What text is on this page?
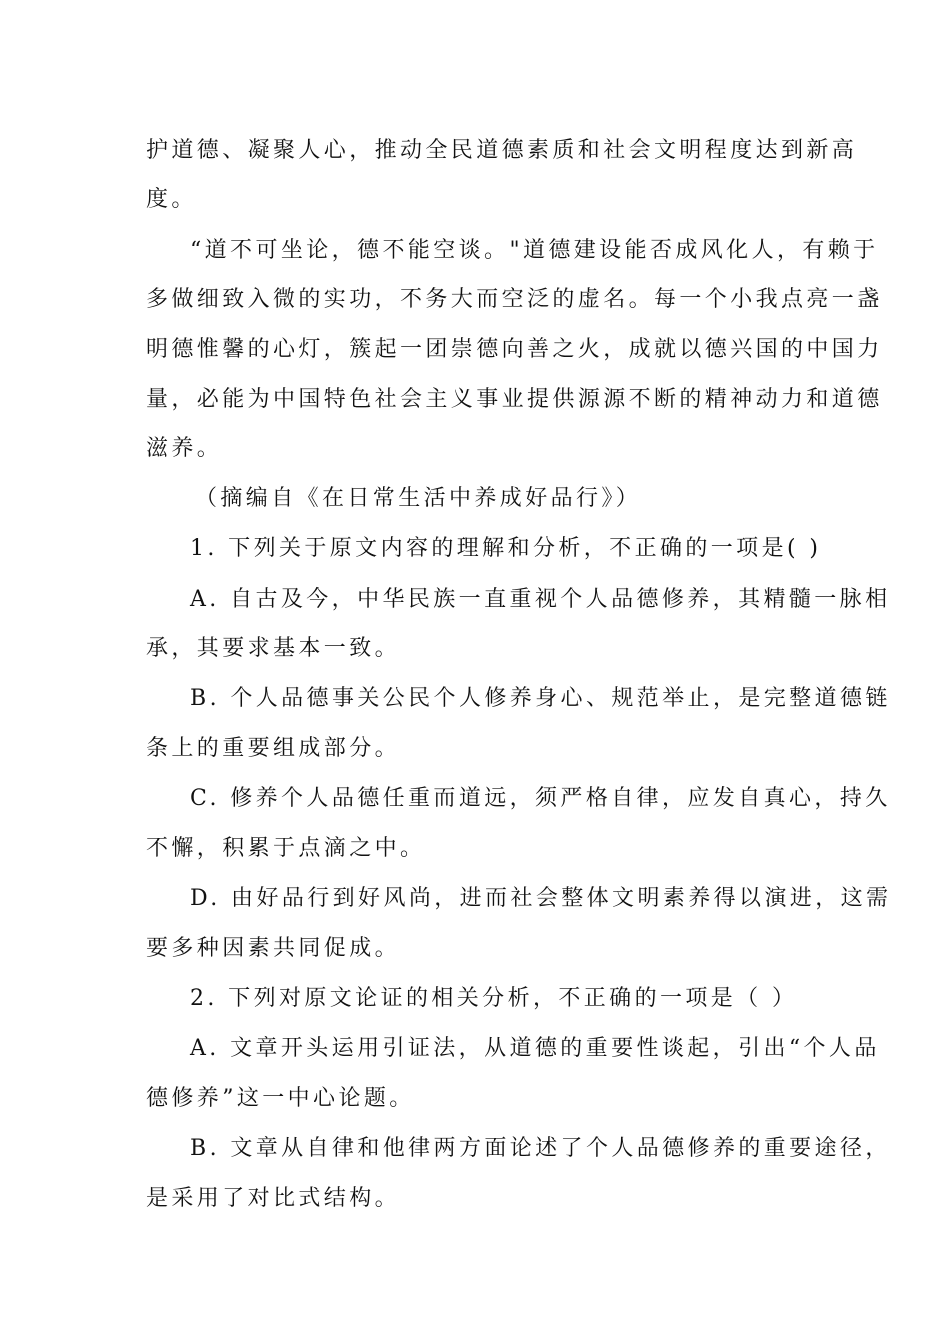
护道德、凝聚人心，推动全民道德素质和社会文明程度达到新高
度。
“道不可坐论，德不能空谈。"道德建设能否成风化人，有赖于
多做细致入微的实功，不务大而空泛的虚名。每一个小我点亮一盏
明德惟馨的心灯，簇起一团崇德向善之火，成就以德兴国的中国力
量，必能为中国特色社会主义事业提供源源不断的精神动力和道德
滋养。
（摘编自《在日常生活中养成好品行》）
1. 下列关于原文内容的理解和分析，不正确的一项是( )
A. 自古及今，中华民族一直重视个人品德修养，其精髓一脉相
承，其要求基本一致。
B. 个人品德事关公民个人修养身心、规范举止，是完整道德链
条上的重要组成部分。
C. 修养个人品德任重而道远，须严格自律，应发自真心，持久
不懈，积累于点滴之中。
D. 由好品行到好风尚，进而社会整体文明素养得以演进，这需
要多种因素共同促成。
2. 下列对原文论证的相关分析，不正确的一项是（ ）
A. 文章开头运用引证法，从道德的重要性谈起，引出“个人品
德修养”这一中心论题。
B. 文章从自律和他律两方面论述了个人品德修养的重要途径，
是采用了对比式结构。
